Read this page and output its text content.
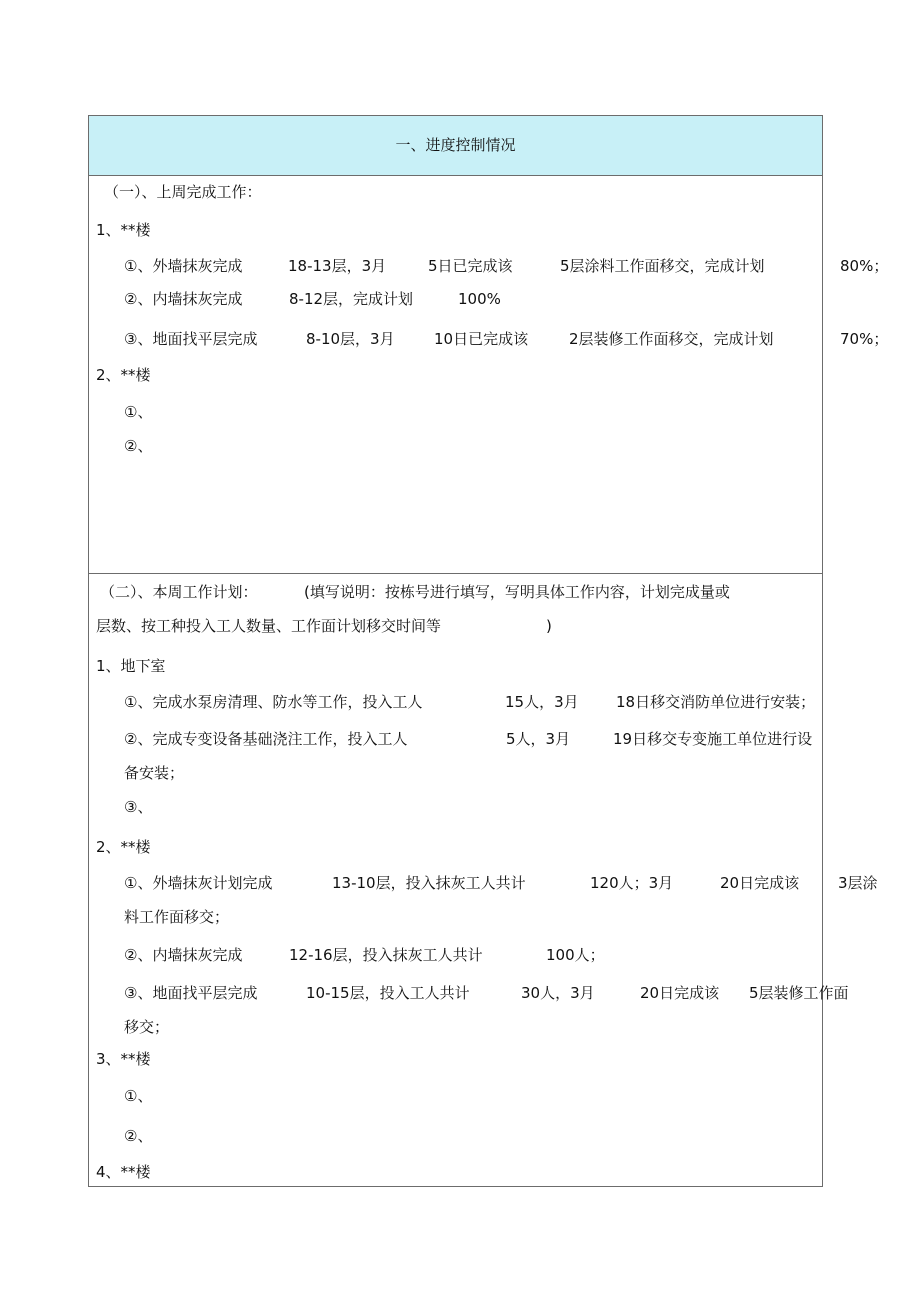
一、进度控制情况
（一）、上周完成工作：
1、**楼
①、外墙抹灰完成	18-13层，3月	5日已完成该	5层涂料工作面移交，完成计划	80%；
②、内墙抹灰完成	8-12层，完成计划	100%
③、地面找平层完成	8-10层，3月	10日已完成该	2层装修工作面移交，完成计划	70%；
2、**楼
①、
②、
（二）、本周工作计划：	(填写说明：按栋号进行填写，写明具体工作内容，计划完成量或
层数、按工种投入工人数量、工作面计划移交时间等	)
1、地下室
①、完成水泵房清理、防水等工作，投入工人	15人，3月 18日移交消防单位进行安装；
②、完成专变设备基础浇注工作，投入工人	5人，3月	19日移交专变施工单位进行设
备安装；
③、
2、**楼
①、外墙抹灰计划完成	13-10层，投入抹灰工人共计	120人；3月	20日完成该	3层涂
料工作面移交；
②、内墙抹灰完成	12-16层，投入抹灰工人共计	100人；
③、地面找平层完成	10-15层，投入工人共计	30人，3月	20日完成该 5层装修工作面
移交；
3、**楼
①、
②、
4、**楼
